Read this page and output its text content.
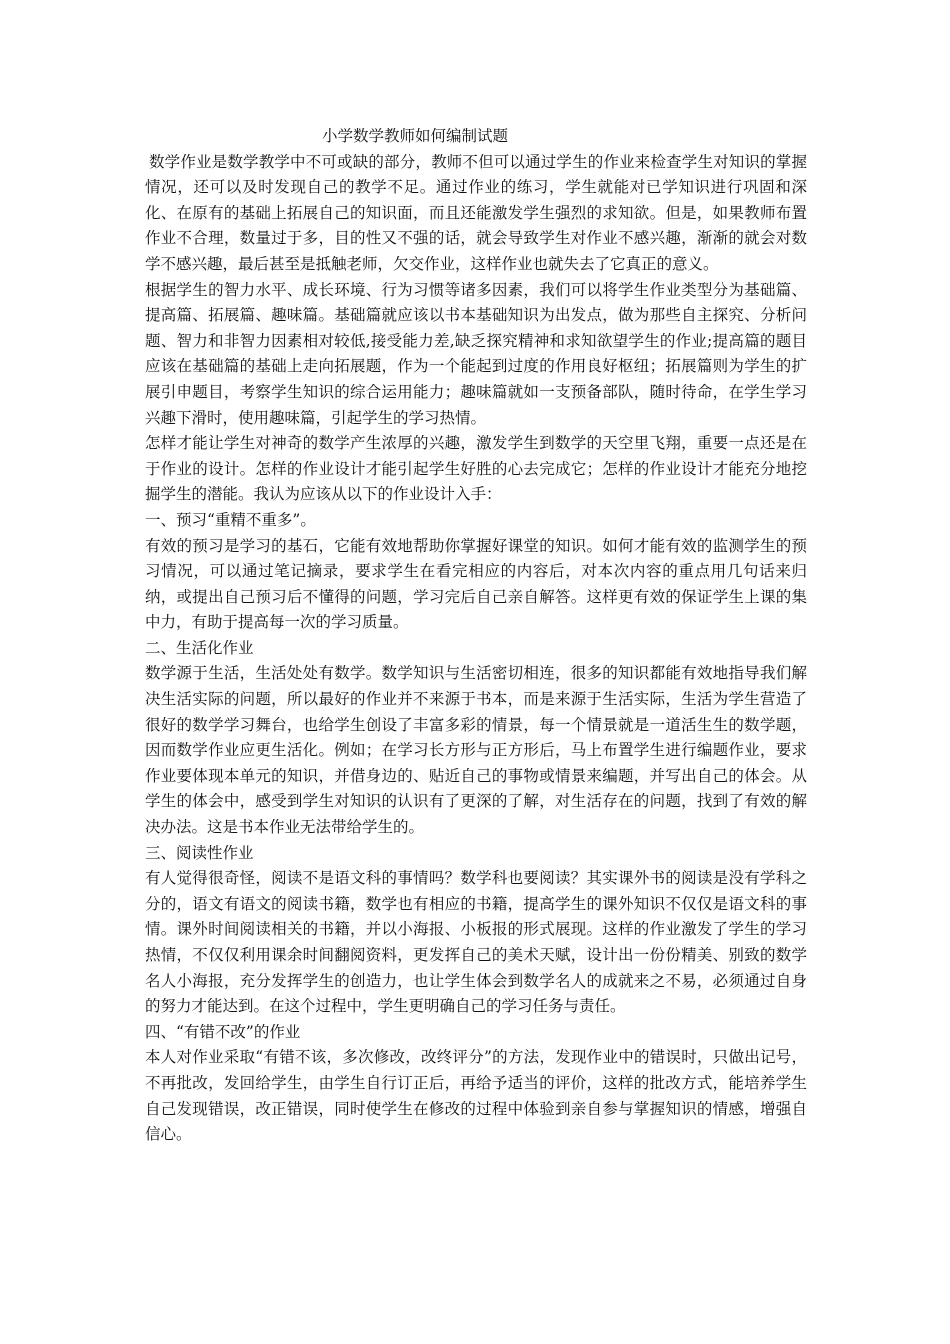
小学数学教师如何编制试题

数学作业是数学教学中不可或缺的部分，教师不但可以通过学生的作业来检查学生对知识的掌握情况，还可以及时发现自己的教学不足。通过作业的练习，学生就能对已学知识进行巩固和深化、在原有的基础上拓展自己的知识面，而且还能激发学生强烈的求知欲。但是，如果教师布置作业不合理，数量过于多，目的性又不强的话，就会导致学生对作业不感兴趣，渐渐的就会对数学不感兴趣，最后甚至是抵触老师，欠交作业，这样作业也就失去了它真正的意义。

根据学生的智力水平、成长环境、行为习惯等诸多因素，我们可以将学生作业类型分为基础篇、提高篇、拓展篇、趣味篇。基础篇就应该以书本基础知识为出发点，做为那些自主探究、分析问题、智力和非智力因素相对较低,接受能力差,缺乏探究精神和求知欲望学生的作业;提高篇的题目应该在基础篇的基础上走向拓展题，作为一个能起到过度的作用良好枢纽；拓展篇则为学生的扩展引申题目，考察学生知识的综合运用能力；趣味篇就如一支预备部队，随时待命，在学生学习兴趣下滑时，使用趣味篇，引起学生的学习热情。

怎样才能让学生对神奇的数学产生浓厚的兴趣，激发学生到数学的天空里飞翔，重要一点还是在于作业的设计。怎样的作业设计才能引起学生好胜的心去完成它；怎样的作业设计才能充分地挖掘学生的潜能。我认为应该从以下的作业设计入手：

一、预习“重精不重多”。

有效的预习是学习的基石，它能有效地帮助你掌握好课堂的知识。如何才能有效的监测学生的预习情况，可以通过笔记摘录，要求学生在看完相应的内容后，对本次内容的重点用几句话来归纳，或提出自己预习后不懂得的问题，学习完后自己亲自解答。这样更有效的保证学生上课的集中力，有助于提高每一次的学习质量。

二、生活化作业

数学源于生活，生活处处有数学。数学知识与生活密切相连，很多的知识都能有效地指导我们解决生活实际的问题，所以最好的作业并不来源于书本，而是来源于生活实际，生活为学生营造了很好的数学学习舞台，也给学生创设了丰富多彩的情景，每一个情景就是一道活生生的数学题，因而数学作业应更生活化。例如；在学习长方形与正方形后，马上布置学生进行编题作业，要求作业要体现本单元的知识，并借身边的、贴近自己的事物或情景来编题，并写出自己的体会。从学生的体会中，感受到学生对知识的认识有了更深的了解，对生活存在的问题，找到了有效的解决办法。这是书本作业无法带给学生的。

三、阅读性作业

有人觉得很奇怪，阅读不是语文科的事情吗？数学科也要阅读？其实课外书的阅读是没有学科之分的，语文有语文的阅读书籍，数学也有相应的书籍，提高学生的课外知识不仅仅是语文科的事情。课外时间阅读相关的书籍，并以小海报、小板报的形式展现。这样的作业激发了学生的学习热情，不仅仅利用课余时间翻阅资料，更发挥自己的美术天赋，设计出一份份精美、别致的数学名人小海报，充分发挥学生的创造力，也让学生体会到数学名人的成就来之不易，必须通过自身的努力才能达到。在这个过程中，学生更明确自己的学习任务与责任。

四、“有错不改”的作业

本人对作业采取“有错不该，多次修改，改终评分”的方法，发现作业中的错误时，只做出记号，不再批改，发回给学生，由学生自行订正后，再给予适当的评价，这样的批改方式，能培养学生自己发现错误，改正错误，同时使学生在修改的过程中体验到亲自参与掌握知识的情感，增强自信心。
